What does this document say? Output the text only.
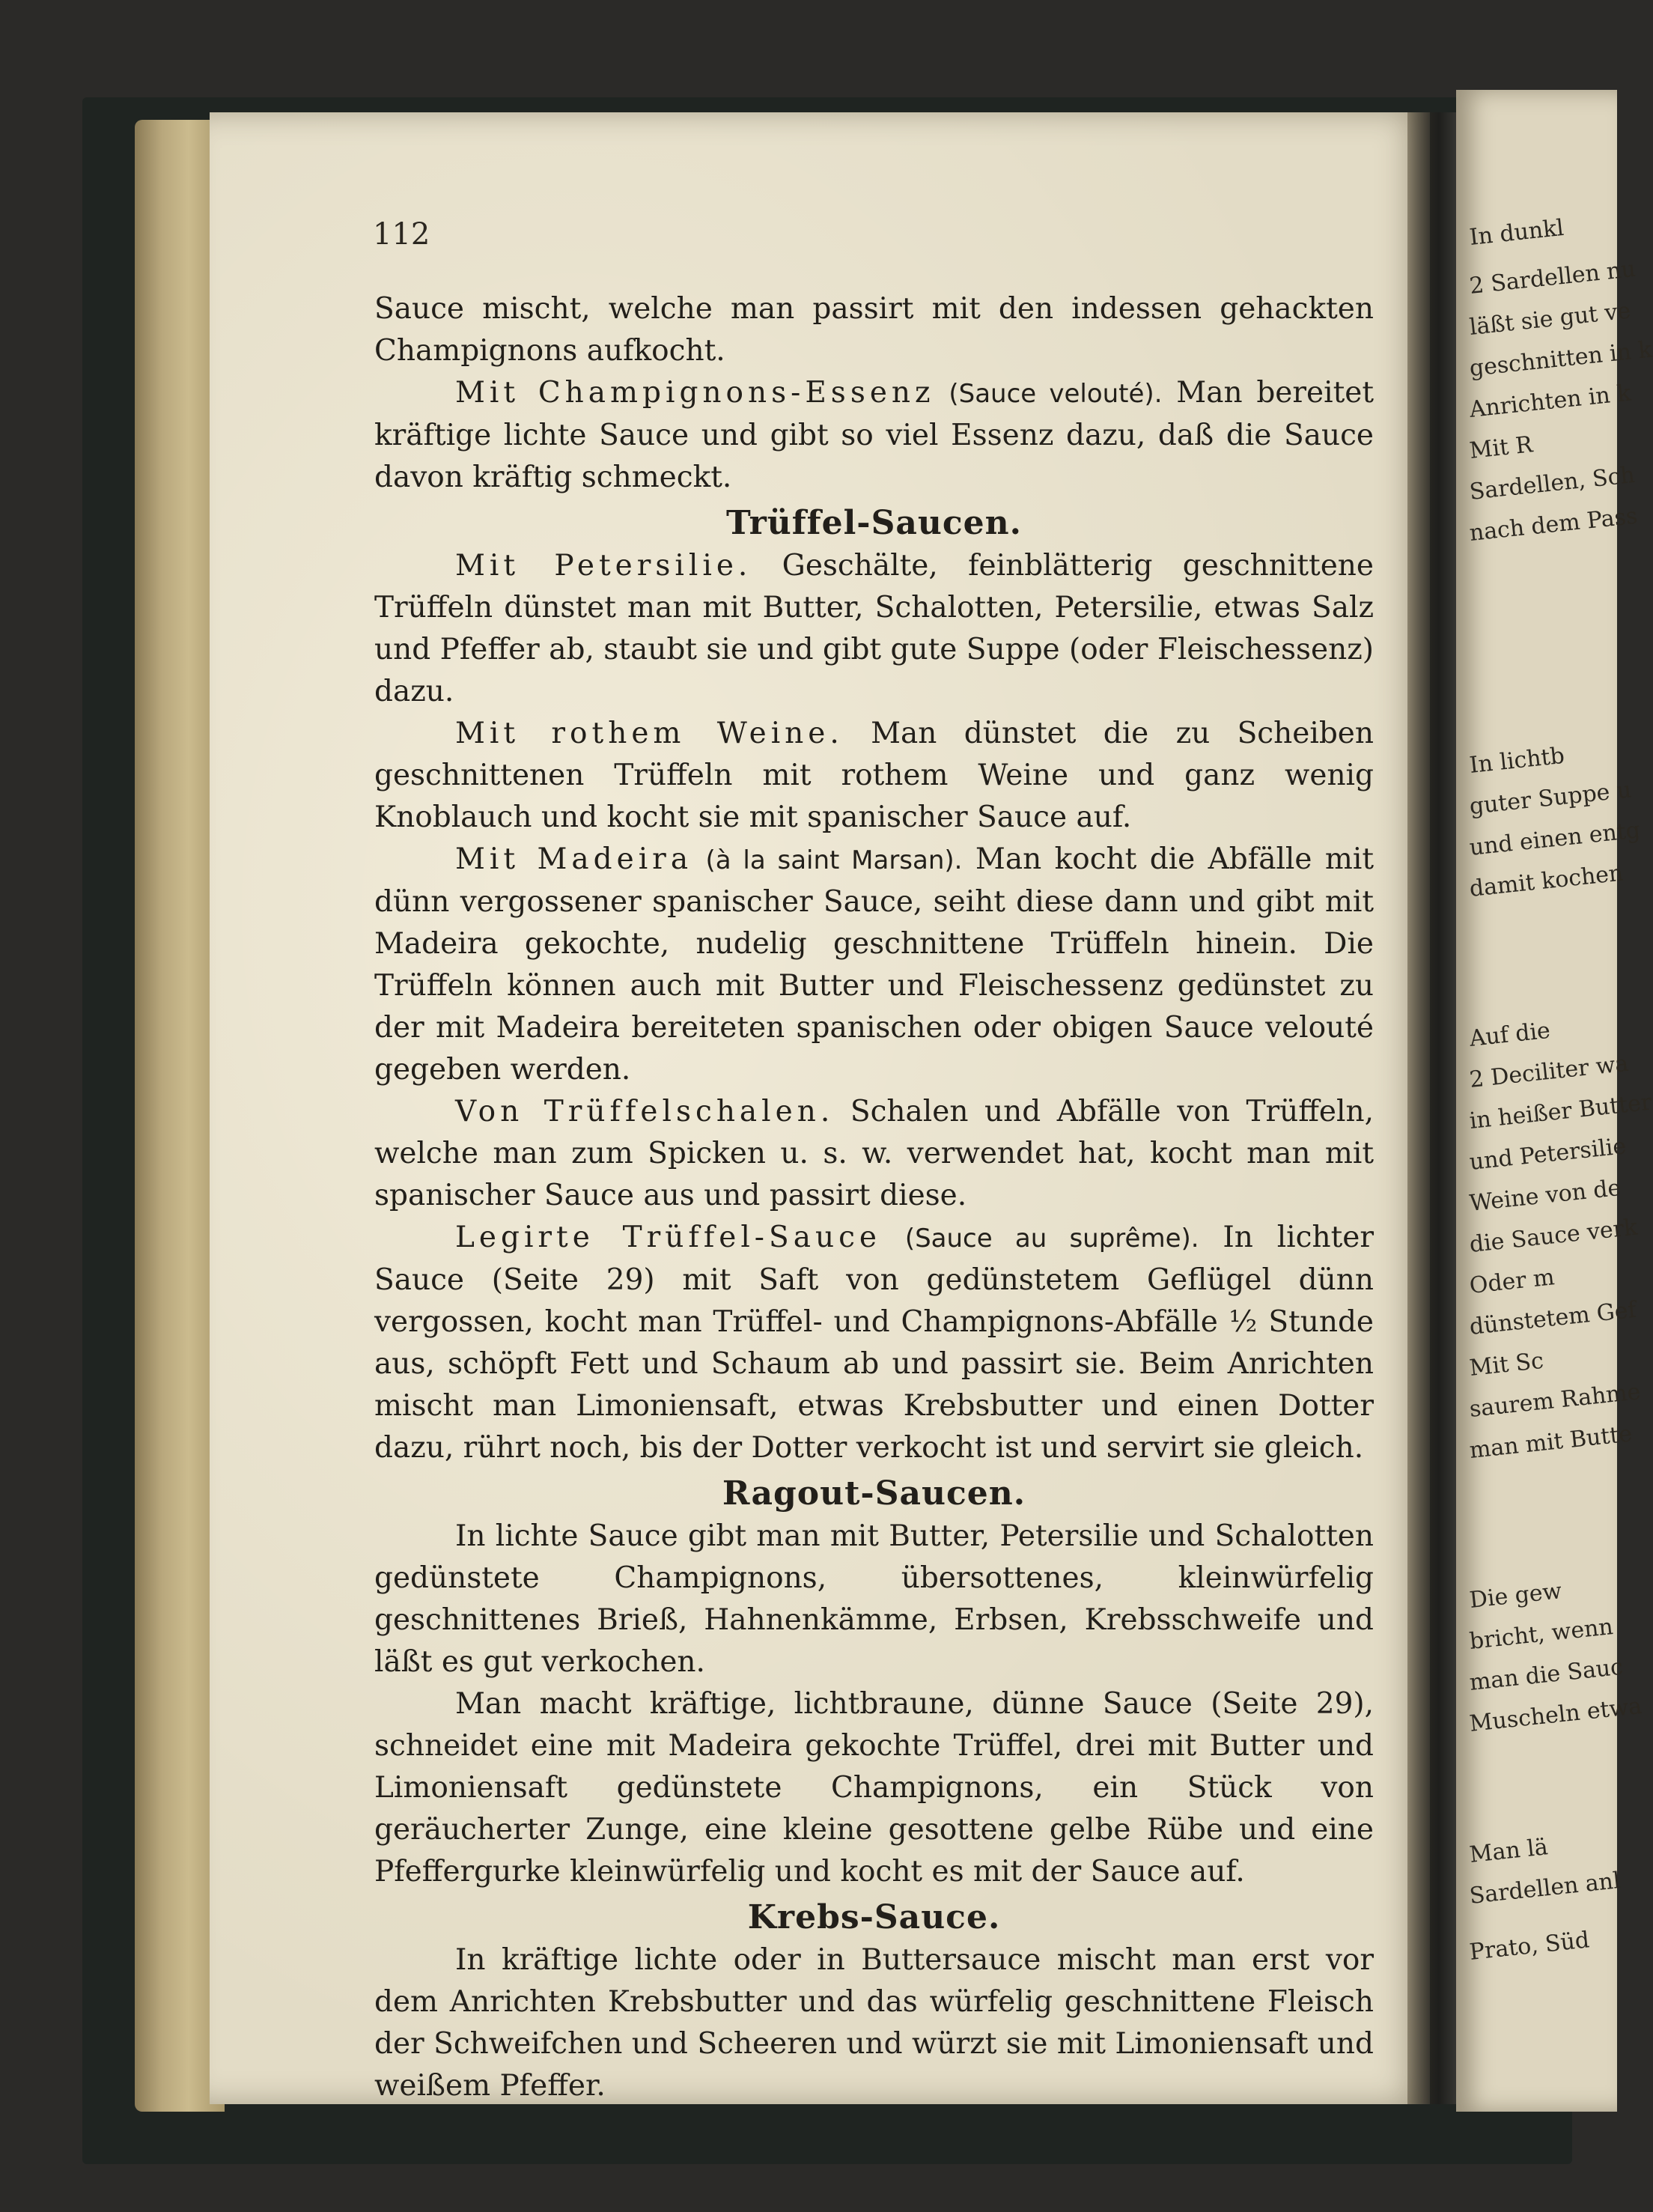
In dunkl
2 Sardellen nu
läßt sie gut ve
geschnitten in k
Anrichten in k
Mit R
Sardellen, Sch
nach dem Pass
In lichtb
guter Suppe u
und einen entg
damit kochen
Auf die
2 Deciliter wa
in heißer Butter
und Petersilie
Weine von de
die Sauce verk
Oder m
dünstetem Gef
Mit Sc
saurem Rahme
man mit Butte
Die gew
bricht, wenn
man die Sauc
Muscheln etwa
Man lä
Sardellen anl
Prato, Süd
112

Sauce mischt, welche man passirt mit den indessen gehackten Champignons aufkocht.

Mit Champignons-Essenz (Sauce velouté). Man bereitet kräftige lichte Sauce und gibt so viel Essenz dazu, daß die Sauce davon kräftig schmeckt.

Trüffel-Saucen.

Mit Petersilie. Geschälte, feinblätterig geschnittene Trüffeln dünstet man mit Butter, Schalotten, Petersilie, etwas Salz und Pfeffer ab, staubt sie und gibt gute Suppe (oder Fleischessenz) dazu.

Mit rothem Weine. Man dünstet die zu Scheiben geschnittenen Trüffeln mit rothem Weine und ganz wenig Knoblauch und kocht sie mit spanischer Sauce auf.

Mit Madeira (à la saint Marsan). Man kocht die Abfälle mit dünn vergossener spanischer Sauce, seiht diese dann und gibt mit Madeira gekochte, nudelig geschnittene Trüffeln hinein. Die Trüffeln können auch mit Butter und Fleischessenz gedünstet zu der mit Madeira bereiteten spanischen oder obigen Sauce velouté gegeben werden.

Von Trüffelschalen. Schalen und Abfälle von Trüffeln, welche man zum Spicken u. s. w. verwendet hat, kocht man mit spanischer Sauce aus und passirt diese.

Legirte Trüffel-Sauce (Sauce au suprême). In lichter Sauce (Seite 29) mit Saft von gedünstetem Geflügel dünn vergossen, kocht man Trüffel- und Champignons-Abfälle ½ Stunde aus, schöpft Fett und Schaum ab und passirt sie. Beim Anrichten mischt man Limoniensaft, etwas Krebsbutter und einen Dotter dazu, rührt noch, bis der Dotter verkocht ist und servirt sie gleich.

Ragout-Saucen.

In lichte Sauce gibt man mit Butter, Petersilie und Schalotten gedünstete Champignons, übersottenes, kleinwürfelig geschnittenes Brieß, Hahnenkämme, Erbsen, Krebsschweife und läßt es gut verkochen.

Man macht kräftige, lichtbraune, dünne Sauce (Seite 29), schneidet eine mit Madeira gekochte Trüffel, drei mit Butter und Limoniensaft gedünstete Champignons, ein Stück von geräucherter Zunge, eine kleine gesottene gelbe Rübe und eine Pfeffergurke kleinwürfelig und kocht es mit der Sauce auf.

Krebs-Sauce.

In kräftige lichte oder in Buttersauce mischt man erst vor dem Anrichten Krebsbutter und das würfelig geschnittene Fleisch der Schweifchen und Scheeren und würzt sie mit Limoniensaft und weißem Pfeffer.
